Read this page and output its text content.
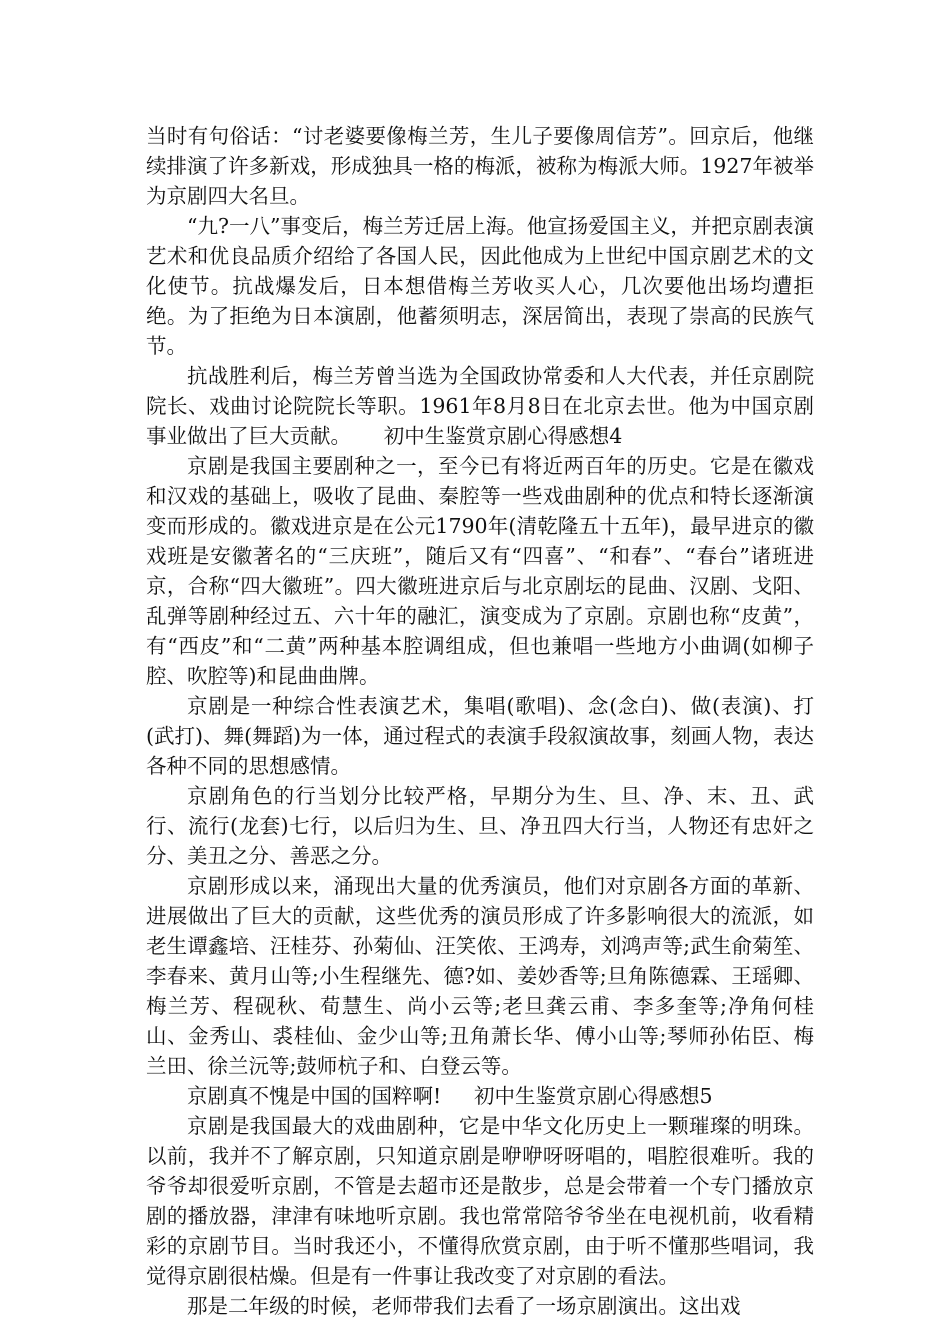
当时有句俗话：“讨老婆要像梅兰芳，生儿子要像周信芳”。回京后，他继续排演了许多新戏，形成独具一格的梅派，被称为梅派大师。1927年被举为京剧四大名旦。

“九?一八”事变后，梅兰芳迁居上海。他宣扬爱国主义，并把京剧表演艺术和优良品质介绍给了各国人民，因此他成为上世纪中国京剧艺术的文化使节。抗战爆发后，日本想借梅兰芳收买人心，几次要他出场均遭拒绝。为了拒绝为日本演剧，他蓄须明志，深居简出，表现了崇高的民族气节。

抗战胜利后，梅兰芳曾当选为全国政协常委和人大代表，并任京剧院院长、戏曲讨论院院长等职。1961年8月8日在北京去世。他为中国京剧事业做出了巨大贡献。 初中生鉴赏京剧心得感想4

京剧是我国主要剧种之一，至今已有将近两百年的历史。它是在徽戏和汉戏的基础上，吸收了昆曲、秦腔等一些戏曲剧种的优点和特长逐渐演变而形成的。徽戏进京是在公元1790年(清乾隆五十五年)，最早进京的徽戏班是安徽著名的“三庆班”，随后又有“四喜”、“和春”、“春台”诸班进京，合称“四大徽班”。四大徽班进京后与北京剧坛的昆曲、汉剧、戈阳、乱弹等剧种经过五、六十年的融汇，演变成为了京剧。京剧也称“皮黄”，有“西皮”和“二黄”两种基本腔调组成，但也兼唱一些地方小曲调(如柳子腔、吹腔等)和昆曲曲牌。

京剧是一种综合性表演艺术，集唱(歌唱)、念(念白)、做(表演)、打(武打)、舞(舞蹈)为一体，通过程式的表演手段叙演故事，刻画人物，表达各种不同的思想感情。

京剧角色的行当划分比较严格，早期分为生、旦、净、末、丑、武行、流行(龙套)七行，以后归为生、旦、净丑四大行当，人物还有忠奸之分、美丑之分、善恶之分。

京剧形成以来，涌现出大量的优秀演员，他们对京剧各方面的革新、进展做出了巨大的贡献，这些优秀的演员形成了许多影响很大的流派，如老生谭鑫培、汪桂芬、孙菊仙、汪笑侬、王鸿寿，刘鸿声等;武生俞菊笙、李春来、黄月山等;小生程继先、德?如、姜妙香等;旦角陈德霖、王瑶卿、梅兰芳、程砚秋、荀慧生、尚小云等;老旦龚云甫、李多奎等;净角何桂山、金秀山、裘桂仙、金少山等;丑角萧长华、傅小山等;琴师孙佑臣、梅兰田、徐兰沅等;鼓师杭子和、白登云等。

京剧真不愧是中国的国粹啊! 初中生鉴赏京剧心得感想5

京剧是我国最大的戏曲剧种，它是中华文化历史上一颗璀璨的明珠。以前，我并不了解京剧，只知道京剧是咿咿呀呀唱的，唱腔很难听。我的爷爷却很爱听京剧，不管是去超市还是散步，总是会带着一个专门播放京剧的播放器，津津有味地听京剧。我也常常陪爷爷坐在电视机前，收看精彩的京剧节目。当时我还小，不懂得欣赏京剧，由于听不懂那些唱词，我觉得京剧很枯燥。但是有一件事让我改变了对京剧的看法。

那是二年级的时候，老师带我们去看了一场京剧演出。这出戏
